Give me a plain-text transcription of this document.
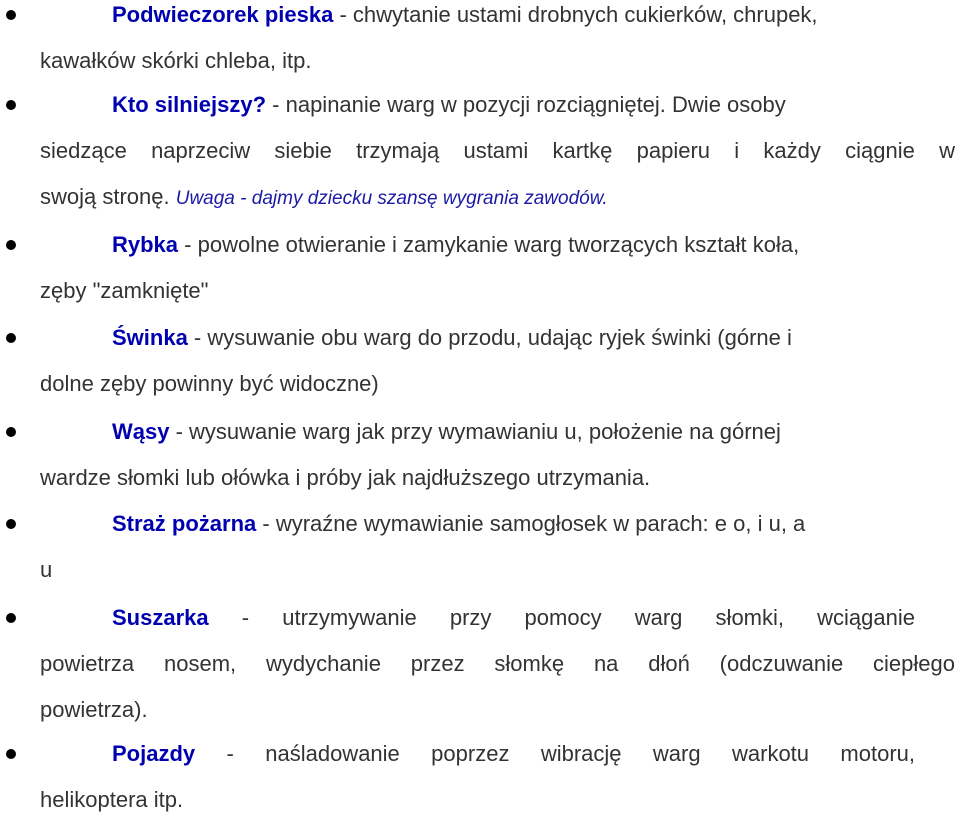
Podwieczorek pieska - chwytanie ustami drobnych cukierków, chrupek,
kawałków skórki chleba, itp.
Kto silniejszy? - napinanie warg w pozycji rozciągniętej. Dwie osoby
siedzące naprzeciw siebie trzymają ustami kartkę papieru i każdy ciągnie w
swoją stronę. Uwaga - dajmy dziecku szansę wygrania zawodów.
Rybka - powolne otwieranie i zamykanie warg tworzących kształt koła,
zęby "zamknięte"
Świnka - wysuwanie obu warg do przodu, udając ryjek świnki (górne i
dolne zęby powinny być widoczne)
Wąsy - wysuwanie warg jak przy wymawianiu u, położenie na górnej
wardze słomki lub ołówka i próby jak najdłuższego utrzymania.
Straż pożarna - wyraźne wymawianie samogłosek w parach: e o, i u, a
u
Suszarka - utrzymywanie przy pomocy warg słomki, wciąganie
powietrza nosem, wydychanie przez słomkę na dłoń (odczuwanie ciepłego
powietrza).
Pojazdy - naśladowanie poprzez wibrację warg warkotu motoru,
helikoptera itp.
